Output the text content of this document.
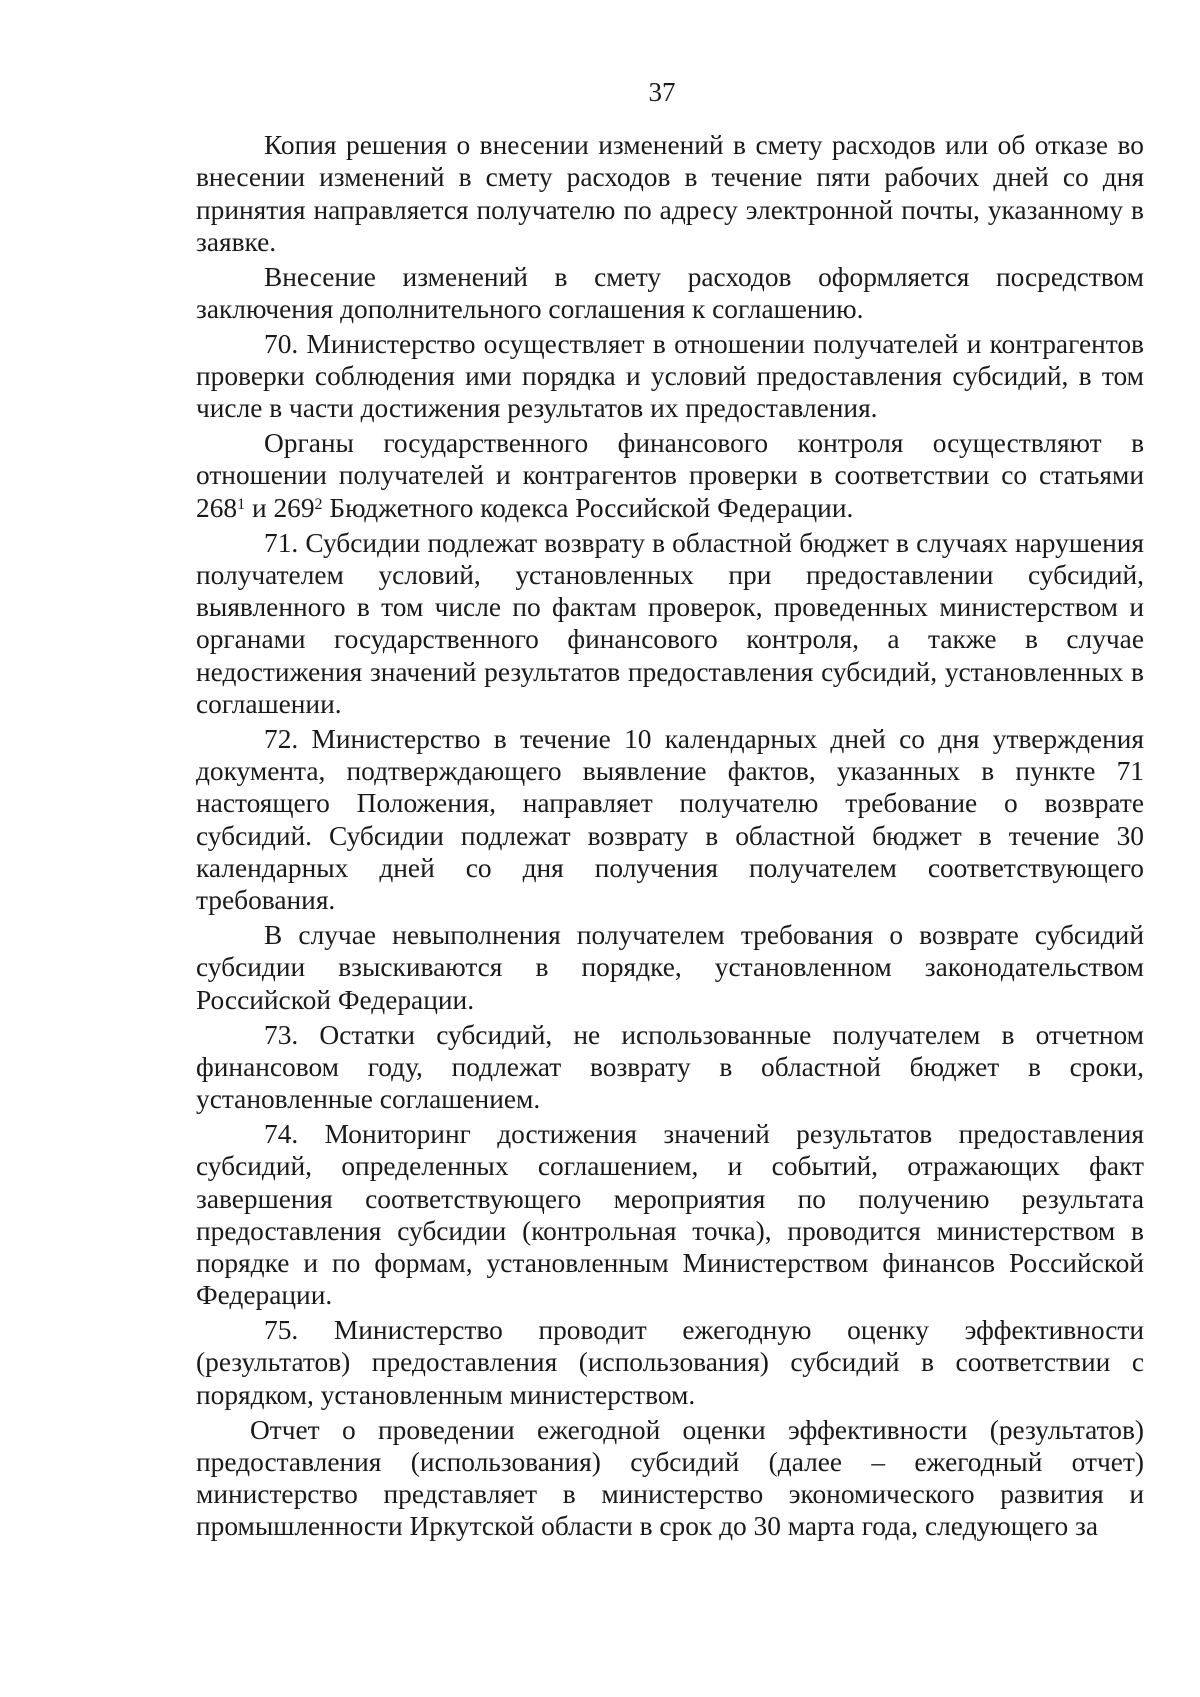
37

Копия решения о внесении изменений в смету расходов или об отказе во внесении изменений в смету расходов в течение пяти рабочих дней со дня принятия направляется получателю по адресу электронной почты, указанному в заявке.

Внесение изменений в смету расходов оформляется посредством заключения дополнительного соглашения к соглашению.

70. Министерство осуществляет в отношении получателей и контрагентов проверки соблюдения ими порядка и условий предоставления субсидий, в том числе в части достижения результатов их предоставления.

Органы государственного финансового контроля осуществляют в отношении получателей и контрагентов проверки в соответствии со статьями $268^1$ и $269^2$ Бюджетного кодекса Российской Федерации.

71. Субсидии подлежат возврату в областной бюджет в случаях нарушения получателем условий, установленных при предоставлении субсидий, выявленного в том числе по фактам проверок, проведенных министерством и органами государственного финансового контроля, а также в случае недостижения значений результатов предоставления субсидий, установленных в соглашении.

72. Министерство в течение 10 календарных дней со дня утверждения документа, подтверждающего выявление фактов, указанных в пункте 71 настоящего Положения, направляет получателю требование о возврате субсидий. Субсидии подлежат возврату в областной бюджет в течение 30 календарных дней со дня получения получателем соответствующего требования.

В случае невыполнения получателем требования о возврате субсидий субсидии взыскиваются в порядке, установленном законодательством Российской Федерации.

73. Остатки субсидий, не использованные получателем в отчетном финансовом году, подлежат возврату в областной бюджет в сроки, установленные соглашением.

74. Мониторинг достижения значений результатов предоставления субсидий, определенных соглашением, и событий, отражающих факт завершения соответствующего мероприятия по получению результата предоставления субсидии (контрольная точка), проводится министерством в порядке и по формам, установленным Министерством финансов Российской Федерации.

75. Министерство проводит ежегодную оценку эффективности (результатов) предоставления (использования) субсидий в соответствии с порядком, установленным министерством.

Отчет о проведении ежегодной оценки эффективности (результатов) предоставления (использования) субсидий (далее – ежегодный отчет) министерство представляет в министерство экономического развития и промышленности Иркутской области в срок до 30 марта года, следующего за
